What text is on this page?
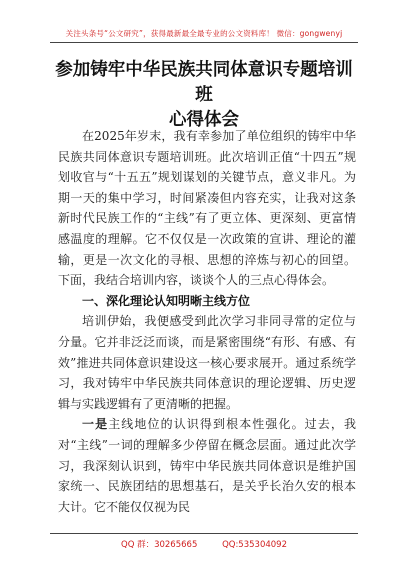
关注头条号“公文研究”，获得最新最全最专业的公文资料库！ 微信：gongwenyj
参加铸牢中华民族共同体意识专题培训班
心得体会

在2025年岁末，我有幸参加了单位组织的铸牢中华民族共同体意识专题培训班。此次培训正值“十四五”规划收官与“十五五”规划谋划的关键节点，意义非凡。为期一天的集中学习，时间紧凑但内容充实，让我对这条新时代民族工作的“主线”有了更立体、更深刻、更富情感温度的理解。它不仅仅是一次政策的宣讲、理论的灌输，更是一次文化的寻根、思想的淬炼与初心的回望。下面，我结合培训内容，谈谈个人的三点心得体会。

一、深化理论认知明晰主线方位

培训伊始，我便感受到此次学习非同寻常的定位与分量。它并非泛泛而谈，而是紧密围绕“有形、有感、有效”推进共同体意识建设这一核心要求展开。通过系统学习，我对铸牢中华民族共同体意识的理论逻辑、历史逻辑与实践逻辑有了更清晰的把握。

一是主线地位的认识得到根本性强化。过去，我对“主线”一词的理解多少停留在概念层面。通过此次学习，我深刻认识到，铸牢中华民族共同体意识是维护国家统一、民族团结的思想基石，是关乎长治久安的根本大计。它不能仅仅视为民

QQ 群：30265665	QQ:535304092
